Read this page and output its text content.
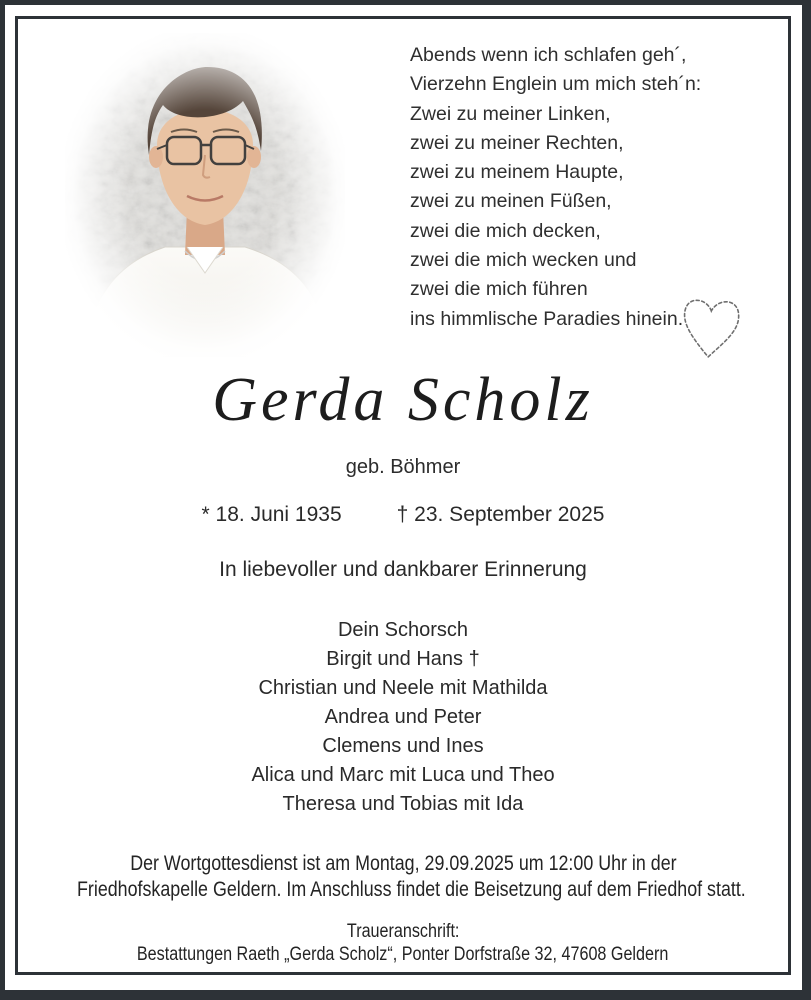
Abends wenn ich schlafen geh´,
Vierzehn Englein um mich steh´n:
Zwei zu meiner Linken,
zwei zu meiner Rechten,
zwei zu meinem Haupte,
zwei zu meinen Füßen,
zwei die mich decken,
zwei die mich wecken und
zwei die mich führen
ins himmlische Paradies hinein.
Gerda Scholz
geb. Böhmer
* 18. Juni 1935	† 23. September 2025
In liebevoller und dankbarer Erinnerung
Dein Schorsch
Birgit und Hans †
Christian und Neele mit Mathilda
Andrea und Peter
Clemens und Ines
Alica und Marc mit Luca und Theo
Theresa und Tobias mit Ida
Der Wortgottesdienst ist am Montag, 29.09.2025 um 12:00 Uhr in der
Friedhofskapelle Geldern. Im Anschluss findet die Beisetzung auf dem Friedhof statt.
Traueranschrift:
Bestattungen Raeth „Gerda Scholz“, Ponter Dorfstraße 32, 47608 Geldern
